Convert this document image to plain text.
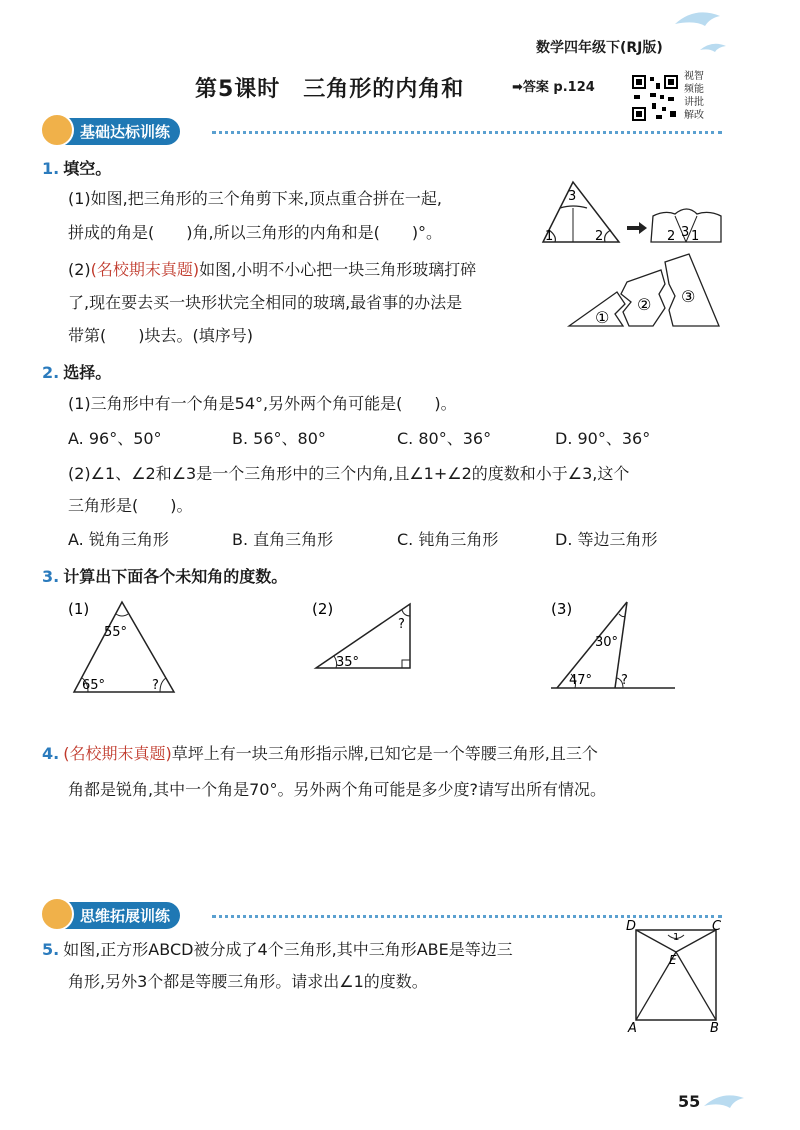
数学四年级下(RJ版)
第5课时　三角形的内角和	➡答案 p.124
视智
频能
讲批
解改
基础达标训练
1. 填空。
(1)如图,把三角形的三个角剪下来,顶点重合拼在一起,
拼成的角是(　　)角,所以三角形的内角和是(　　)°。
(2)(名校期末真题)如图,小明不小心把一块三角形玻璃打碎
了,现在要去买一块形状完全相同的玻璃,最省事的办法是
带第(　　)块去。(填序号)
3
1	2	2 3 1
①
② ③
2. 选择。
(1)三角形中有一个角是54°,另外两个角可能是(　　)。
A. 96°、50°	B. 56°、80°	C. 80°、36°	D. 90°、36°
(2)∠1、∠2和∠3是一个三角形中的三个内角,且∠1+∠2的度数和小于∠3,这个
三角形是(　　)。
A. 锐角三角形	B. 直角三角形	C. 钝角三角形	D. 等边三角形
3. 计算出下面各个未知角的度数。
(1)
55°
65°	?
(2)
35°
?
(3)
30°
47° ?
4. (名校期末真题)草坪上有一块三角形指示牌,已知它是一个等腰三角形,且三个
角都是锐角,其中一个角是70°。另外两个角可能是多少度?请写出所有情况。
思维拓展训练
5. 如图,正方形ABCD被分成了4个三角形,其中三角形ABE是等边三
角形,另外3个都是等腰三角形。请求出∠1的度数。
D	C
A	B
E
1
55
